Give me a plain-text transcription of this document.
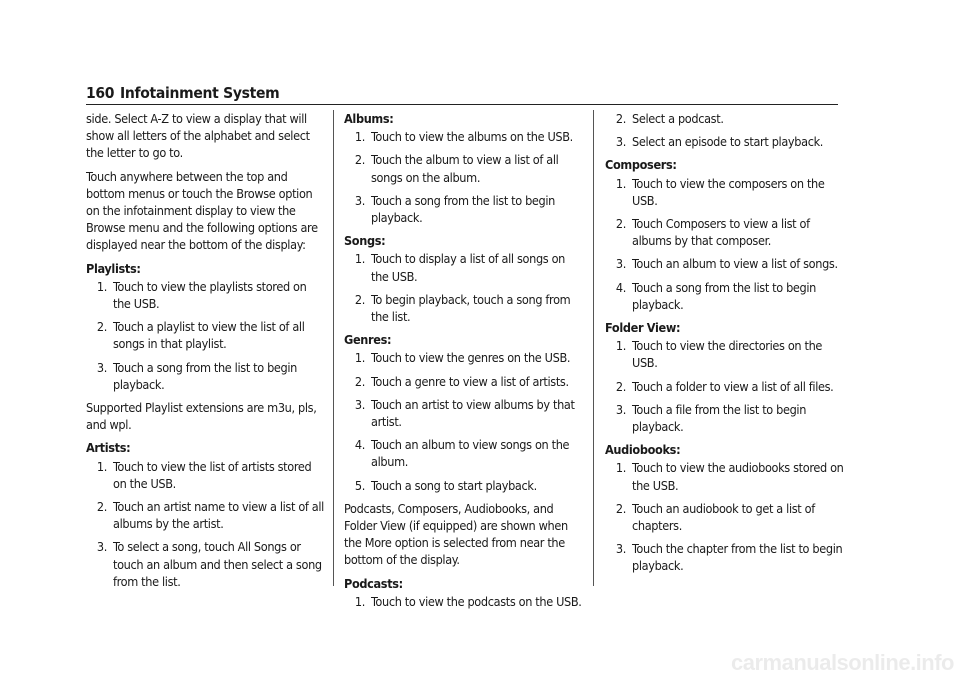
160 Infotainment System

side. Select A-Z to view a display that will show all letters of the alphabet and select the letter to go to.

Touch anywhere between the top and bottom menus or touch the Browse option on the infotainment display to view the Browse menu and the following options are displayed near the bottom of the display:

Playlists:

1. Touch to view the playlists stored on the USB.
2. Touch a playlist to view the list of all songs in that playlist.
3. Touch a song from the list to begin playback.

Supported Playlist extensions are m3u, pls, and wpl.

Artists:

1. Touch to view the list of artists stored on the USB.
2. Touch an artist name to view a list of all albums by the artist.
3. To select a song, touch All Songs or touch an album and then select a song from the list.

Albums:

1. Touch to view the albums on the USB.
2. Touch the album to view a list of all songs on the album.
3. Touch a song from the list to begin playback.

Songs:

1. Touch to display a list of all songs on the USB.
2. To begin playback, touch a song from the list.

Genres:

1. Touch to view the genres on the USB.
2. Touch a genre to view a list of artists.
3. Touch an artist to view albums by that artist.
4. Touch an album to view songs on the album.
5. Touch a song to start playback.

Podcasts, Composers, Audiobooks, and Folder View (if equipped) are shown when the More option is selected from near the bottom of the display.

Podcasts:

1. Touch to view the podcasts on the USB.
2. Select a podcast.
3. Select an episode to start playback.

Composers:

1. Touch to view the composers on the USB.
2. Touch Composers to view a list of albums by that composer.
3. Touch an album to view a list of songs.
4. Touch a song from the list to begin playback.

Folder View:

1. Touch to view the directories on the USB.
2. Touch a folder to view a list of all files.
3. Touch a file from the list to begin playback.

Audiobooks:

1. Touch to view the audiobooks stored on the USB.
2. Touch an audiobook to get a list of chapters.
3. Touch the chapter from the list to begin playback.
carmanualsonline.info
